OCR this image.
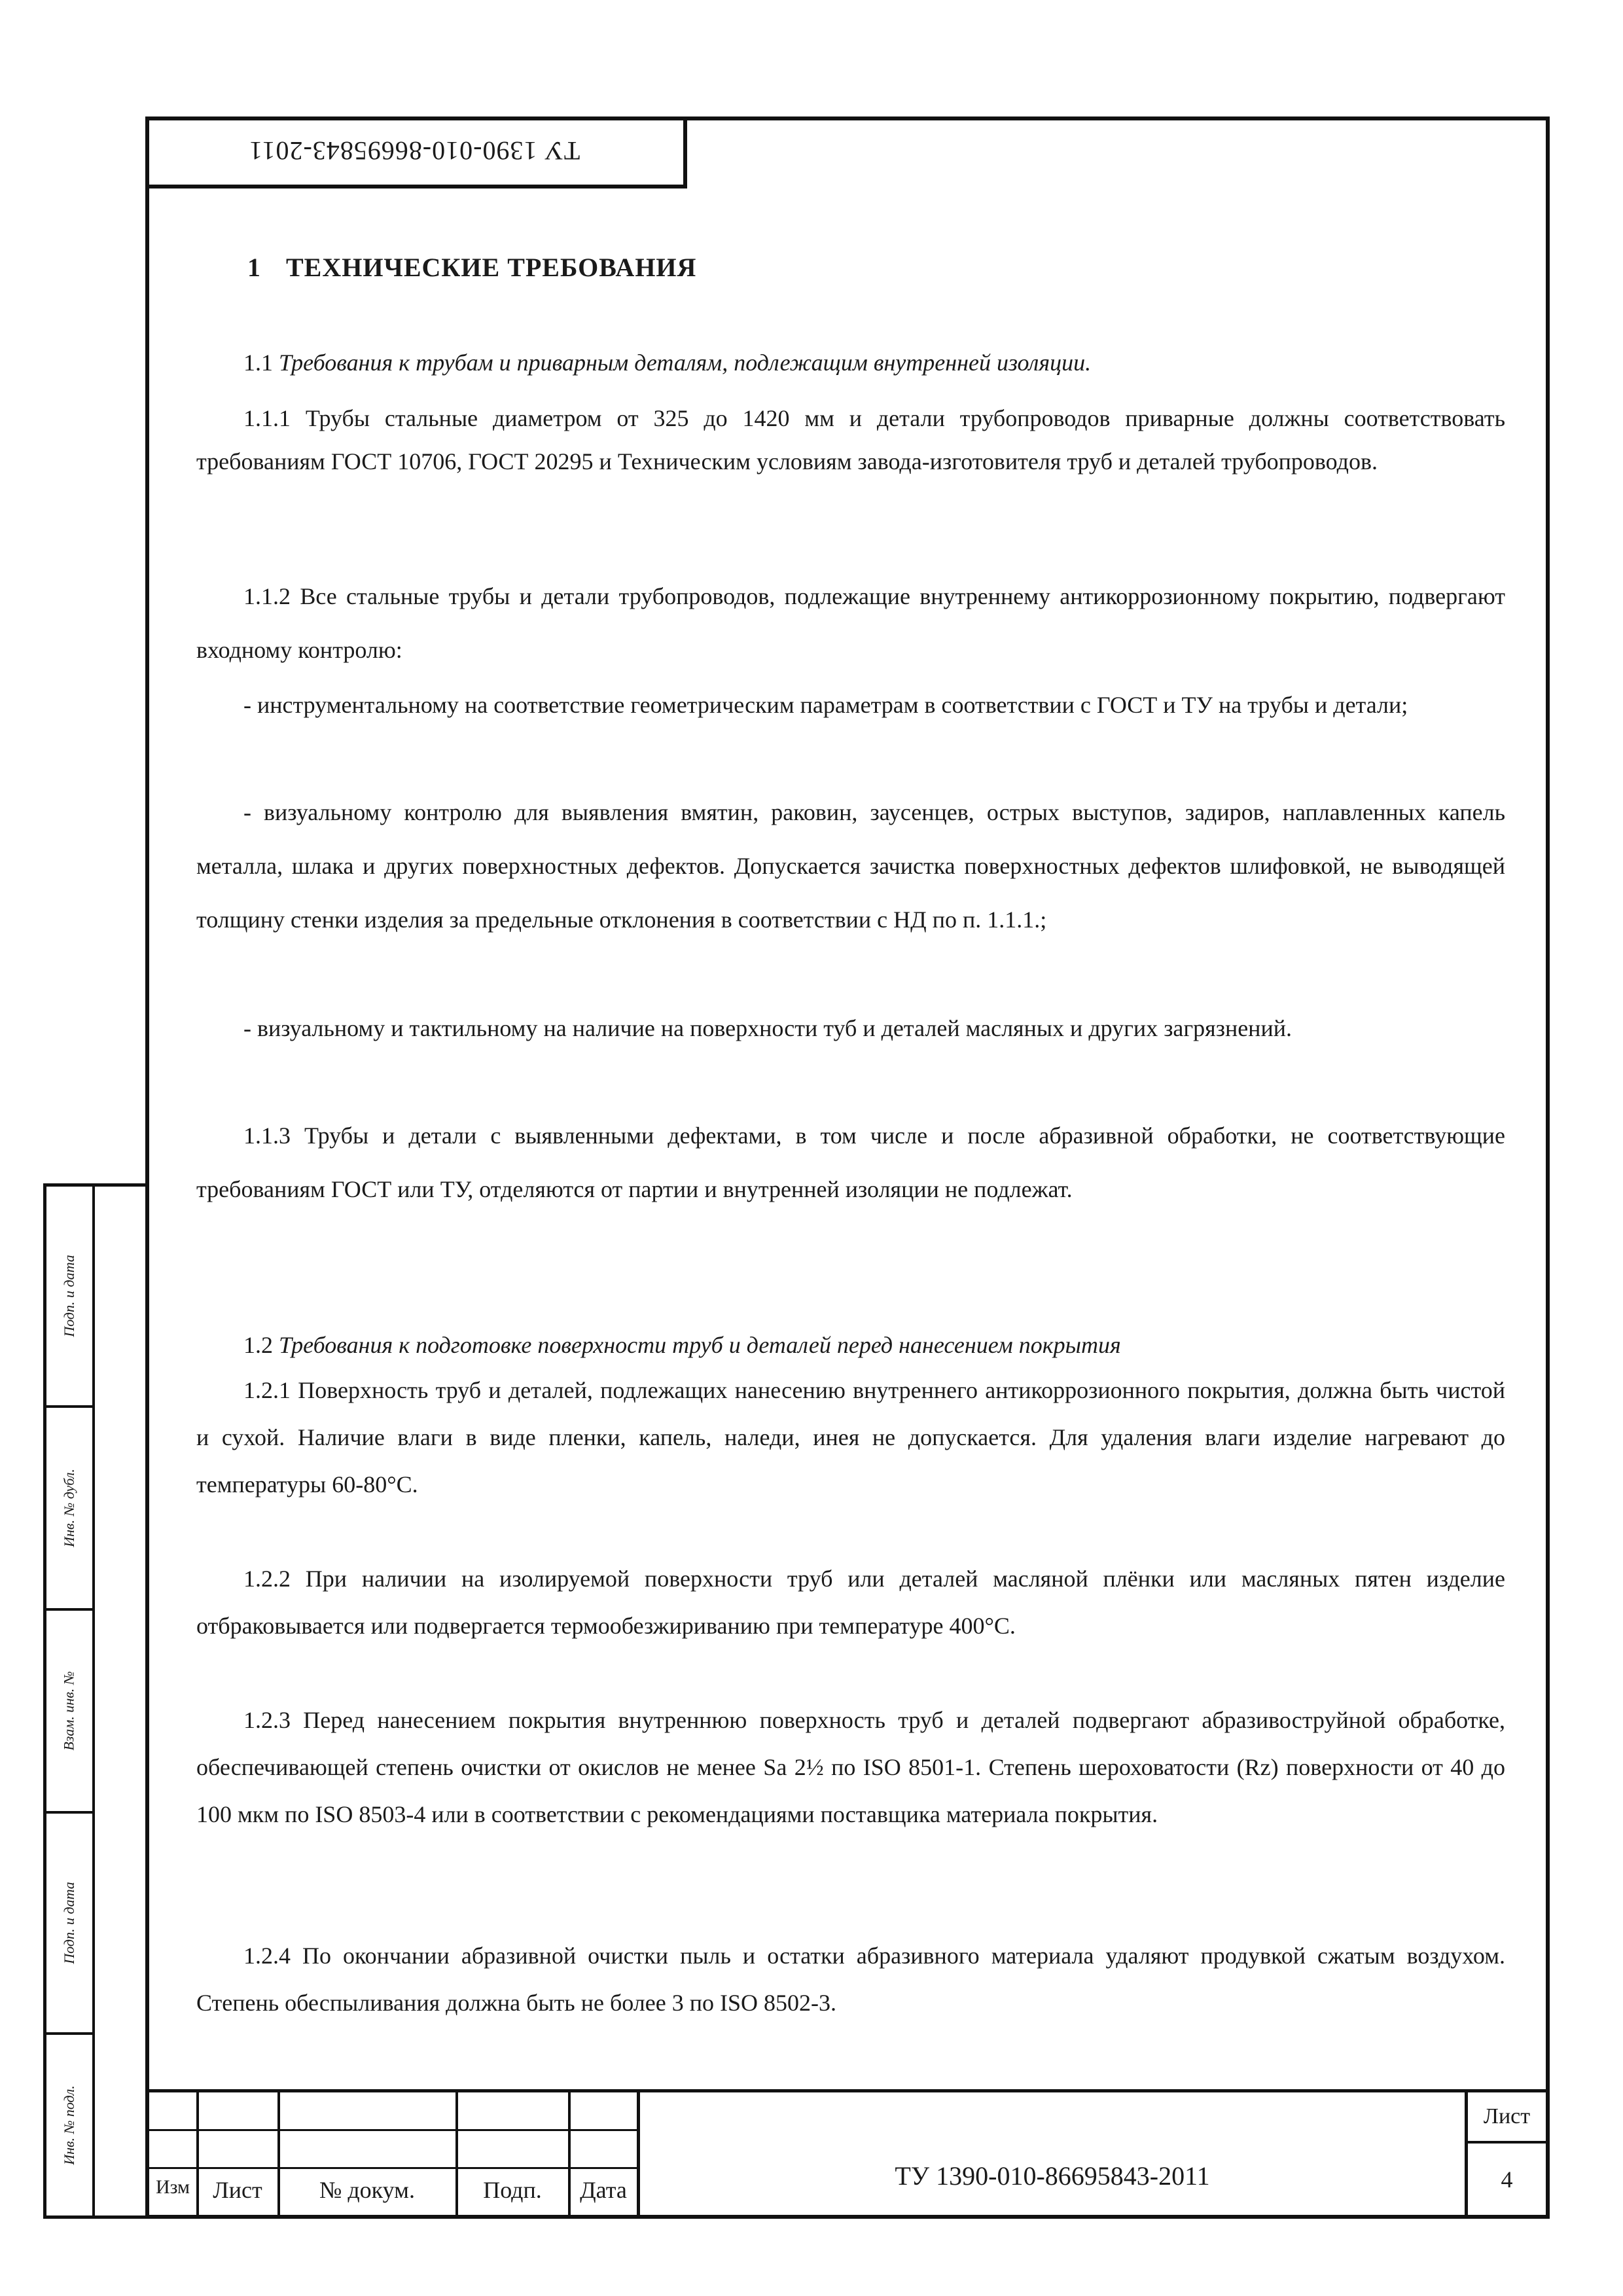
ТУ 1390-010-86695843-2011
Подп. и дата
Инв. № дубл.
Взам. инв. №
Подп. и дата
Инв. № подл.
1 ТЕХНИЧЕСКИЕ ТРЕБОВАНИЯ
1.1 Требования к трубам и приварным деталям, подлежащим внутренней изоляции.
1.1.1 Трубы стальные диаметром от 325 до 1420 мм и детали трубопроводов приварные должны соответствовать требованиям ГОСТ 10706, ГОСТ 20295 и Техническим условиям завода-изготовителя труб и деталей трубопроводов.
1.1.2 Все стальные трубы и детали трубопроводов, подлежащие внутреннему антикоррозионному покрытию, подвергают входному контролю:
- инструментальному на соответствие геометрическим параметрам в соответствии с ГОСТ и ТУ на трубы и детали;
- визуальному контролю для выявления вмятин, раковин, заусенцев, острых выступов, задиров, наплавленных капель металла, шлака и других поверхностных дефектов. Допускается зачистка поверхностных дефектов шлифовкой, не выводящей толщину стенки изделия за предельные отклонения в соответствии с НД по п. 1.1.1.;
- визуальному и тактильному на наличие на поверхности туб и деталей масляных и других загрязнений.
1.1.3 Трубы и детали с выявленными дефектами, в том числе и после абразивной обработки, не соответствующие требованиям ГОСТ или ТУ, отделяются от партии и внутренней изоляции не подлежат.
1.2 Требования к подготовке поверхности труб и деталей перед нанесением покрытия
1.2.1 Поверхность труб и деталей, подлежащих нанесению внутреннего антикоррозионного покрытия, должна быть чистой и сухой. Наличие влаги в виде пленки, капель, наледи, инея не допускается. Для удаления влаги изделие нагревают до температуры 60-80°С.
1.2.2 При наличии на изолируемой поверхности труб или деталей масляной плёнки или масляных пятен изделие отбраковывается или подвергается термообезжириванию при температуре 400°С.
1.2.3 Перед нанесением покрытия внутреннюю поверхность труб и деталей подвергают абразивоструйной обработке, обеспечивающей степень очистки от окислов не менее Sa 2½ по ISO 8501-1. Степень шероховатости (Rz) поверхности от 40 до 100 мкм по ISO 8503-4 или в соответствии с рекомендациями поставщика материала покрытия.
1.2.4 По окончании абразивной очистки пыль и остатки абразивного материала удаляют продувкой сжатым воздухом. Степень обеспыливания должна быть не более 3 по ISO 8502-3.
Изм Лист	№ докум.	Подп.	Дата	ТУ 1390-010-86695843-2011
Лист
4
